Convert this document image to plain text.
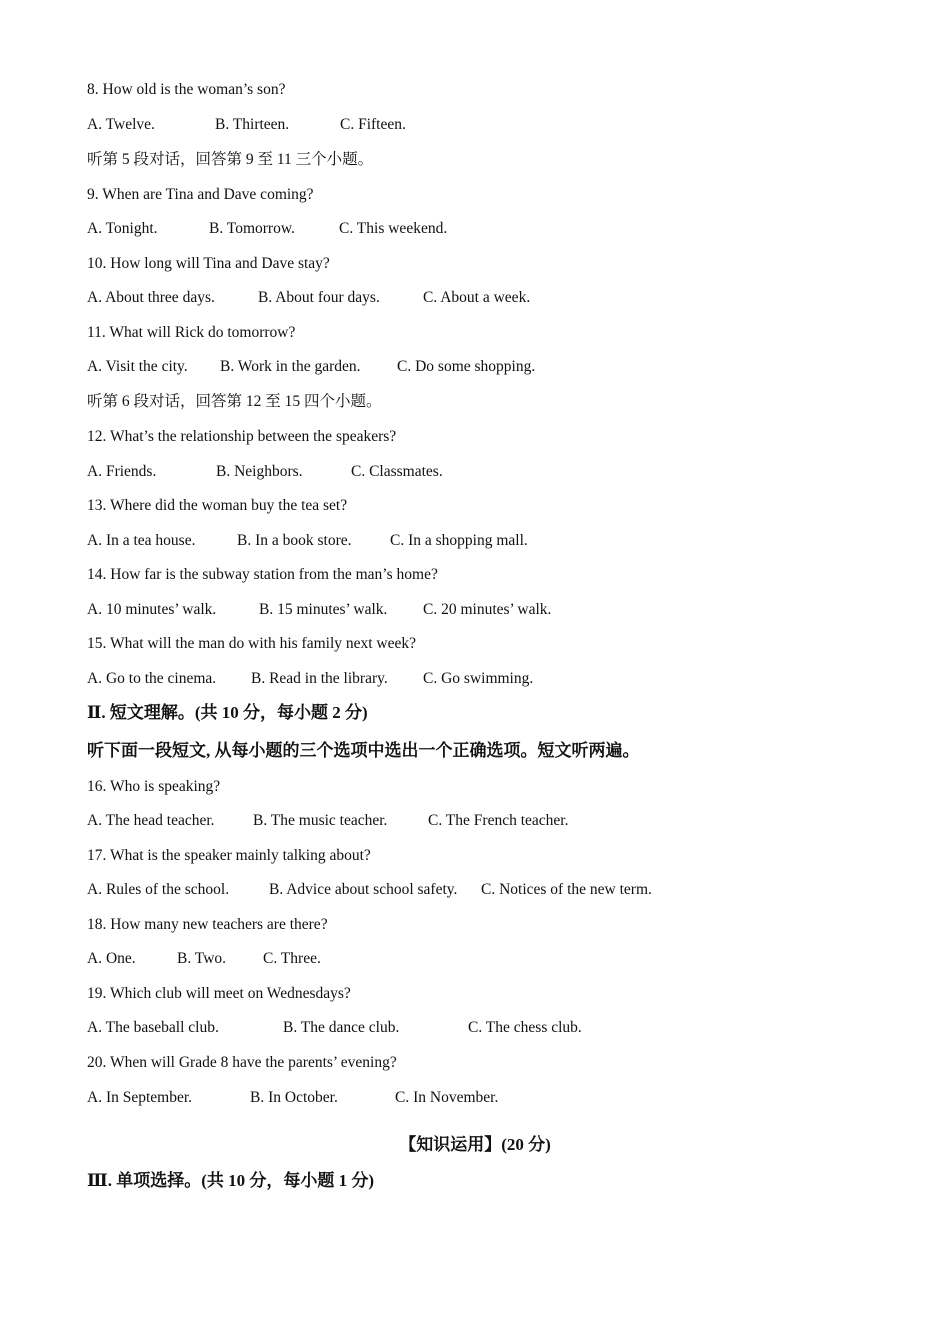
8. How old is the woman’s son?
A. Twelve.	B. Thirteen.	C. Fifteen.
听第 5 段对话，回答第 9 至 11 三个小题。
9. When are Tina and Dave coming?
A. Tonight.	B. Tomorrow.	C. This weekend.
10. How long will Tina and Dave stay?
A. About three days.	B. About four days.	C. About a week.
11. What will Rick do tomorrow?
A. Visit the city. B. Work in the garden. C. Do some shopping.
听第 6 段对话，回答第 12 至 15 四个小题。
12. What’s the relationship between the speakers?
A. Friends.	B. Neighbors.	C. Classmates.
13. Where did the woman buy the tea set?
A. In a tea house.	B. In a book store. C. In a shopping mall.
14. How far is the subway station from the man’s home?
A. 10 minutes’ walk.	B. 15 minutes’ walk. C. 20 minutes’ walk.
15. What will the man do with his family next week?
A. Go to the cinema. B. Read in the library. C. Go swimming.
Ⅱ. 短文理解。(共 10 分，每小题 2 分)
听下面一段短文, 从每小题的三个选项中选出一个正确选项。短文听两遍。
16. Who is speaking?
A. The head teacher. B. The music teacher.	C. The French teacher.
17. What is the speaker mainly talking about?
A. Rules of the school.	B. Advice about school safety. C. Notices of the new term.
18. How many new teachers are there?
A. One.	B. Two. C. Three.
19. Which club will meet on Wednesdays?
A. The baseball club.	B. The dance club.	C. The chess club.
20. When will Grade 8 have the parents’ evening?
A. In September.	B. In October.	C. In November.
【知识运用】(20 分)
Ⅲ. 单项选择。(共 10 分，每小题 1 分)
